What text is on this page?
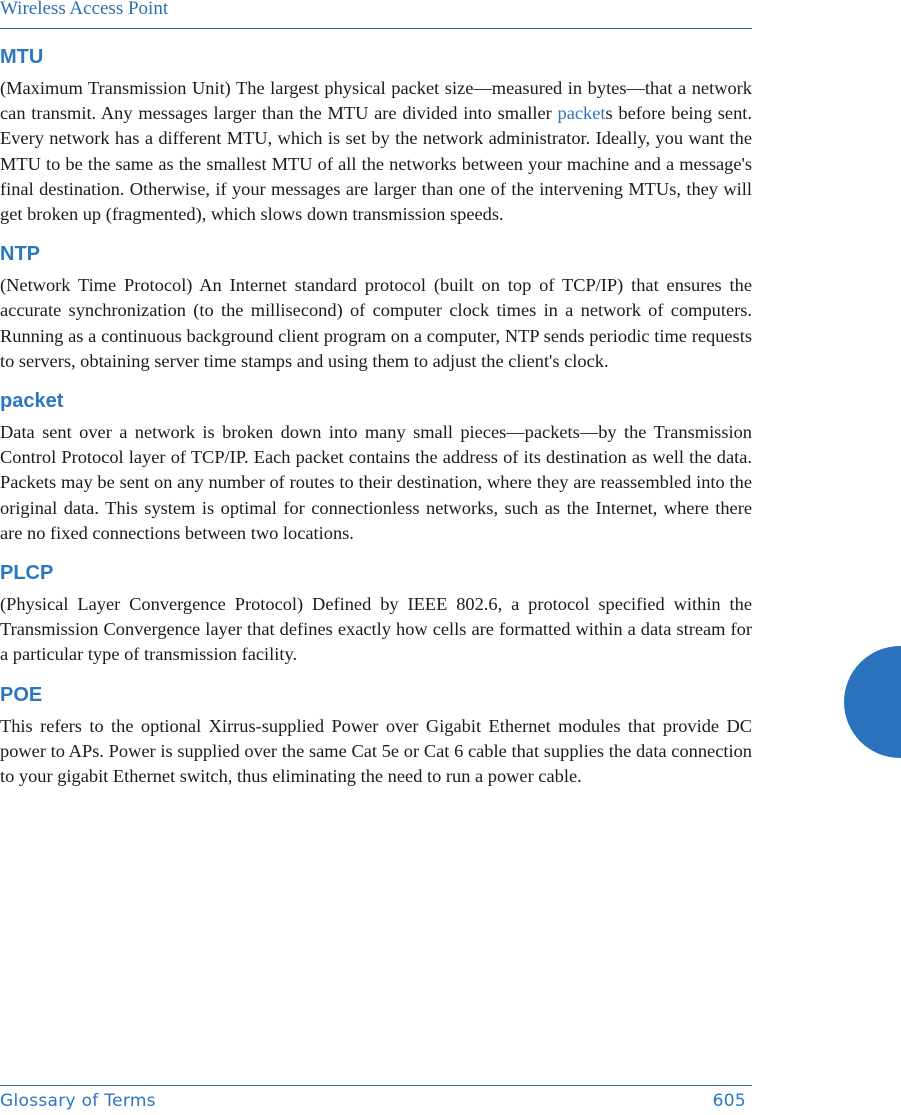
Wireless Access Point
MTU

(Maximum Transmission Unit) The largest physical packet size—measured in bytes—that a network can transmit. Any messages larger than the MTU are divided into smaller packets before being sent. Every network has a different MTU, which is set by the network administrator. Ideally, you want the MTU to be the same as the smallest MTU of all the networks between your machine and a message's final destination. Otherwise, if your messages are larger than one of the intervening MTUs, they will get broken up (fragmented), which slows down transmission speeds.

NTP

(Network Time Protocol) An Internet standard protocol (built on top of TCP/IP) that ensures the accurate synchronization (to the millisecond) of computer clock times in a network of computers. Running as a continuous background client program on a computer, NTP sends periodic time requests to servers, obtaining server time stamps and using them to adjust the client's clock.

packet

Data sent over a network is broken down into many small pieces—packets—by the Transmission Control Protocol layer of TCP/IP. Each packet contains the address of its destination as well the data. Packets may be sent on any number of routes to their destination, where they are reassembled into the original data. This system is optimal for connectionless networks, such as the Internet, where there are no fixed connections between two locations.

PLCP

(Physical Layer Convergence Protocol) Defined by IEEE 802.6, a protocol specified within the Transmission Convergence layer that defines exactly how cells are formatted within a data stream for a particular type of transmission facility.

POE

This refers to the optional Xirrus-supplied Power over Gigabit Ethernet modules that provide DC power to APs. Power is supplied over the same Cat 5e or Cat 6 cable that supplies the data connection to your gigabit Ethernet switch, thus eliminating the need to run a power cable.

Glossary of Terms	605
